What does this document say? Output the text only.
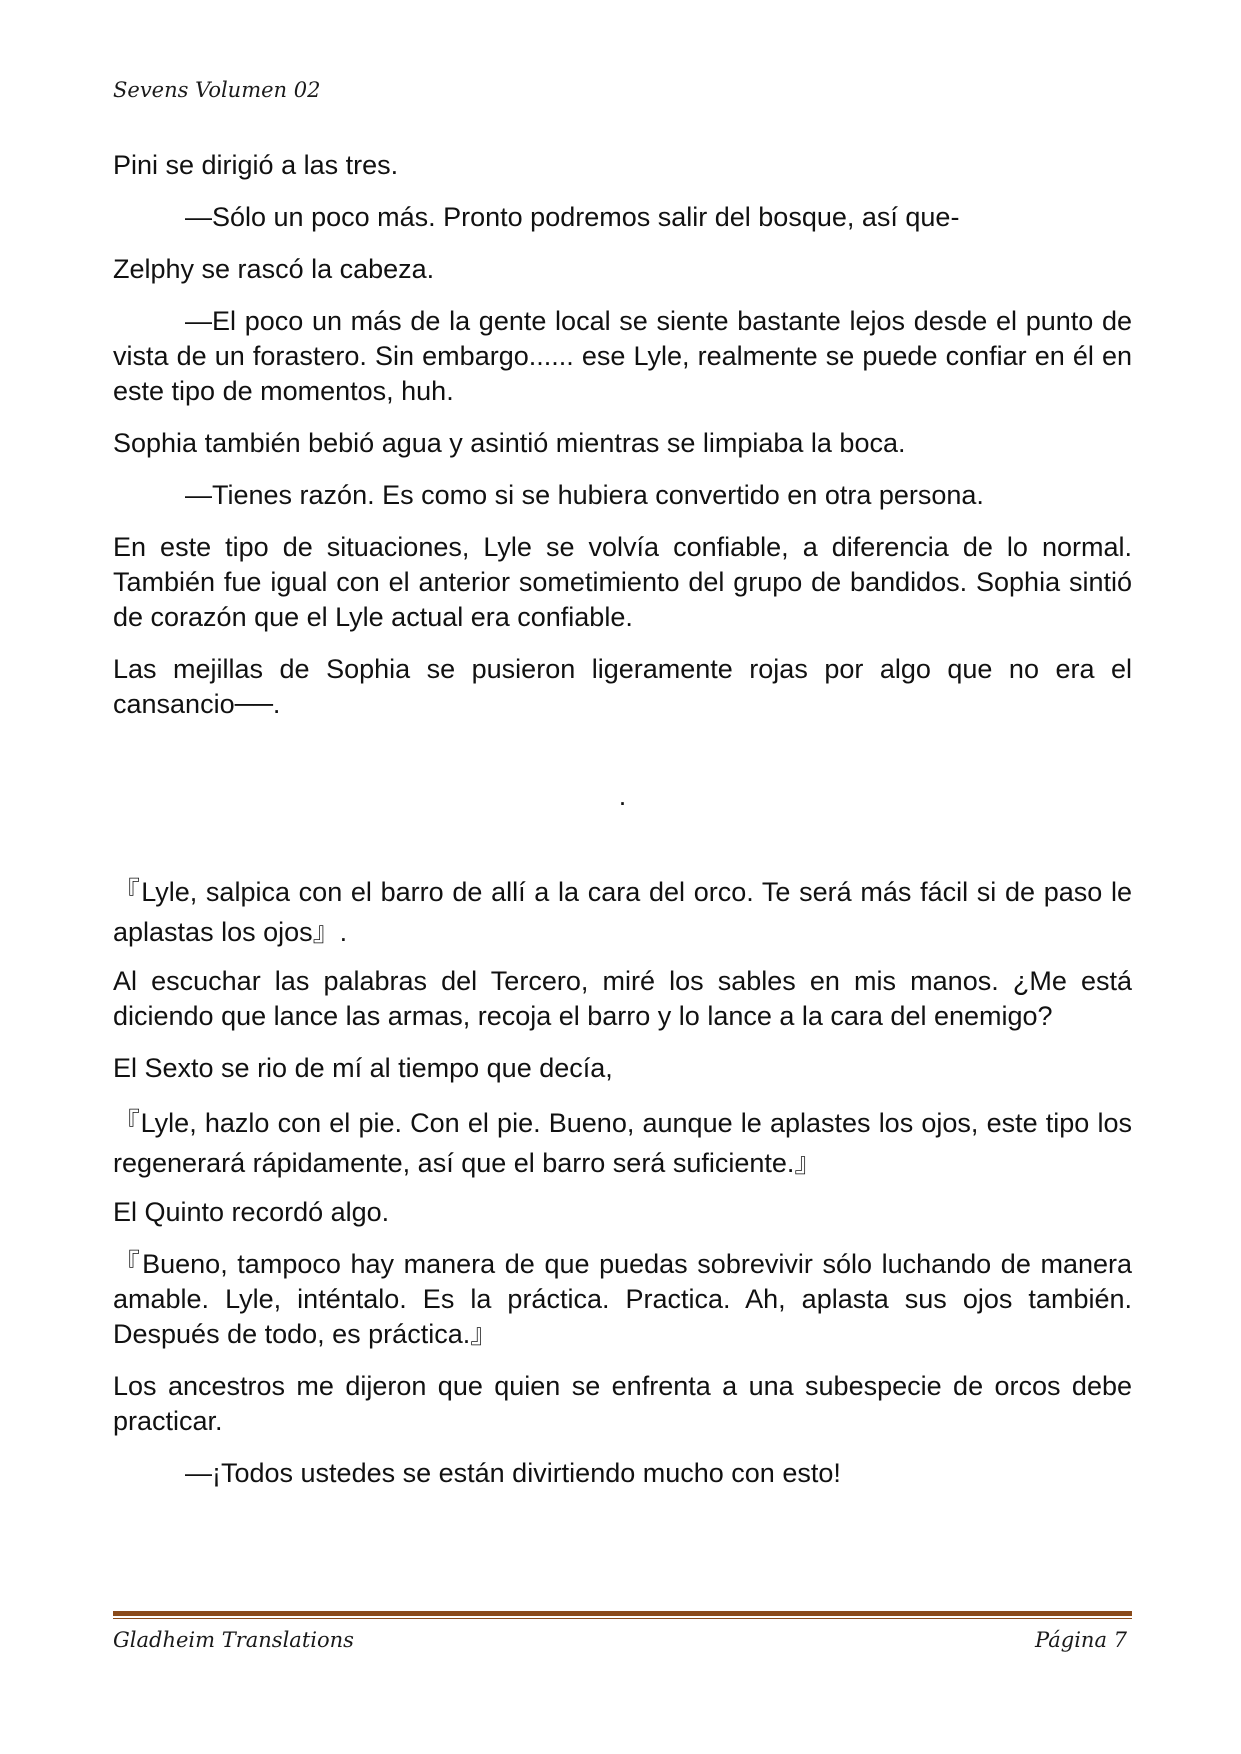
Sevens Volumen 02

Pini se dirigió a las tres.

—Sólo un poco más. Pronto podremos salir del bosque, así que-

Zelphy se rascó la cabeza.

—El poco un más de la gente local se siente bastante lejos desde el punto de vista de un forastero. Sin embargo...... ese Lyle, realmente se puede confiar en él en este tipo de momentos, huh.

Sophia también bebió agua y asintió mientras se limpiaba la boca.

—Tienes razón. Es como si se hubiera convertido en otra persona.

En este tipo de situaciones, Lyle se volvía confiable, a diferencia de lo normal. También fue igual con el anterior sometimiento del grupo de bandidos. Sophia sintió de corazón que el Lyle actual era confiable.

Las mejillas de Sophia se pusieron ligeramente rojas por algo que no era el cansancio──.

.

『Lyle, salpica con el barro de allí a la cara del orco. Te será más fácil si de paso le aplastas los ojos』.

Al escuchar las palabras del Tercero, miré los sables en mis manos. ¿Me está diciendo que lance las armas, recoja el barro y lo lance a la cara del enemigo?

El Sexto se rio de mí al tiempo que decía,

『Lyle, hazlo con el pie. Con el pie. Bueno, aunque le aplastes los ojos, este tipo los regenerará rápidamente, así que el barro será suficiente.』

El Quinto recordó algo.

『Bueno, tampoco hay manera de que puedas sobrevivir sólo luchando de manera amable. Lyle, inténtalo. Es la práctica. Practica. Ah, aplasta sus ojos también. Después de todo, es práctica.』

Los ancestros me dijeron que quien se enfrenta a una subespecie de orcos debe practicar.

—¡Todos ustedes se están divirtiendo mucho con esto!

Gladheim Translations	Página 7
